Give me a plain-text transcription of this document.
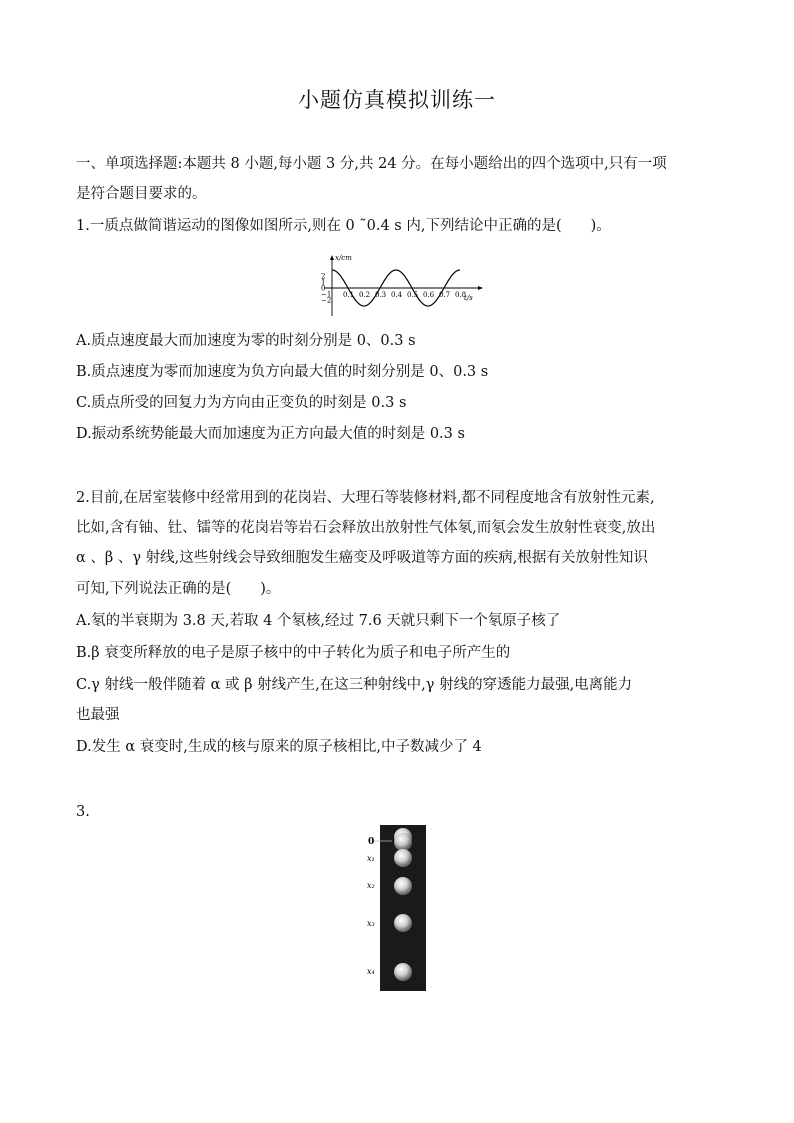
小题仿真模拟训练一
一、单项选择题:本题共 8 小题,每小题 3 分,共 24 分。在每小题给出的四个选项中,只有一项
是符合题目要求的。
1.一质点做简谐运动的图像如图所示,则在 0 ˜0.4 s 内,下列结论中正确的是(　　)。
x/cm
t/s
2
1
0
−1
−2
0.1 0.2 0.3 0.4 0.5 0.6 0.7 0.8
A.质点速度最大而加速度为零的时刻分别是 0、0.3 s
B.质点速度为零而加速度为负方向最大值的时刻分别是 0、0.3 s
C.质点所受的回复力为方向由正变负的时刻是 0.3 s
D.振动系统势能最大而加速度为正方向最大值的时刻是 0.3 s
2.目前,在居室装修中经常用到的花岗岩、大理石等装修材料,都不同程度地含有放射性元素,
比如,含有铀、钍、镭等的花岗岩等岩石会释放出放射性气体氡,而氡会发生放射性衰变,放出
α 、β 、γ 射线,这些射线会导致细胞发生癌变及呼吸道等方面的疾病,根据有关放射性知识
可知,下列说法正确的是(　　)。
A.氡的半衰期为 3.8 天,若取 4 个氡核,经过 7.6 天就只剩下一个氡原子核了
B.β 衰变所释放的电子是原子核中的中子转化为质子和电子所产生的
C.γ 射线一般伴随着 α 或 β 射线产生,在这三种射线中,γ 射线的穿透能力最强,电离能力
也最强
D.发生 α 衰变时,生成的核与原来的原子核相比,中子数减少了 4
3.
0
x₁
x₂
x₃
x₄
